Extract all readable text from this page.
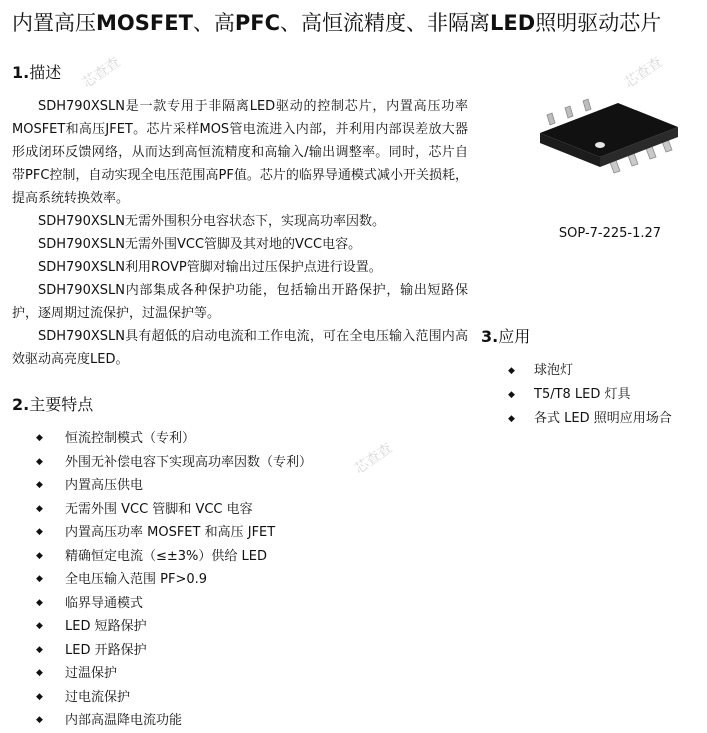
内置高压MOSFET、高PFC、高恒流精度、非隔离LED照明驱动芯片
芯查查	芯查查
芯查查
1.描述

SDH790XSLN是一款专用于非隔离LED驱动的控制芯片，内置高压功率MOSFET和高压JFET。芯片采样MOS管电流进入内部，并利用内部误差放大器形成闭环反馈网络，从而达到高恒流精度和高输入/输出调整率。同时，芯片自带PFC控制，自动实现全电压范围高PF值。芯片的临界导通模式减小开关损耗，提高系统转换效率。

SDH790XSLN无需外围积分电容状态下，实现高功率因数。

SDH790XSLN无需外围VCC管脚及其对地的VCC电容。

SDH790XSLN利用ROVP管脚对输出过压保护点进行设置。

SDH790XSLN内部集成各种保护功能，包括输出开路保护，输出短路保护，逐周期过流保护，过温保护等。

SDH790XSLN具有超低的启动电流和工作电流，可在全电压输入范围内高效驱动高亮度LED。

SOP-7-225-1.27
2.主要特点
◆ 恒流控制模式（专利）
◆ 外围无补偿电容下实现高功率因数（专利）
◆ 内置高压供电
◆ 无需外围 VCC 管脚和 VCC 电容
◆ 内置高压功率 MOSFET 和高压 JFET
◆ 精确恒定电流（≤±3%）供给 LED
◆ 全电压输入范围 PF>0.9
◆ 临界导通模式
◆ LED 短路保护
◆ LED 开路保护
◆ 过温保护
◆ 过电流保护
◆ 内部高温降电流功能
3.应用
◆ 球泡灯
◆ T5/T8 LED 灯具
◆ 各式 LED 照明应用场合
